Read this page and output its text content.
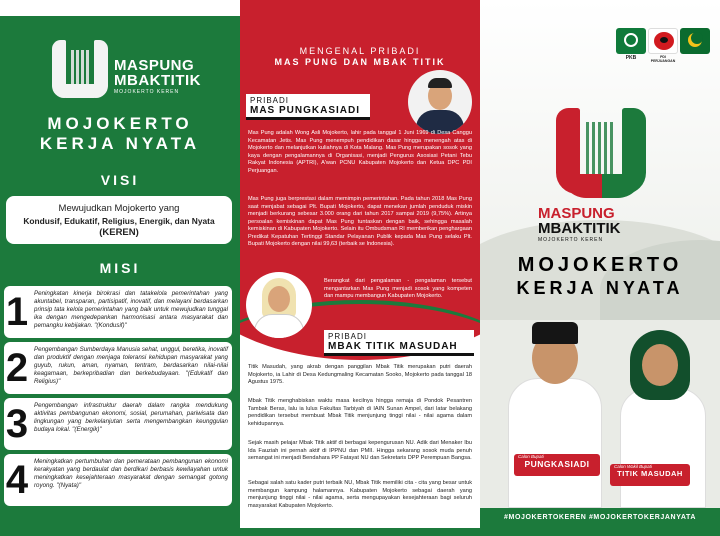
MASPUNG
MBAKTITIK
MOJOKERTO KEREN
MOJOKERTO
KERJA NYATA
VISI
Mewujudkan Mojokerto yang
Kondusif, Edukatif, Religius, Energik, dan Nyata
(KEREN)
MISI
1 Peningkatan kinerja birokrasi dan tatakelola pemerintahan yang akuntabel, transparan, partisipatif, inovatif, dan melayani berdasarkan prinsip tata kelola pemerintahan yang baik untuk mewujudkan tunggal ika dengan mengedepankan harmonisasi antara masyarakat dan pemangku kebijakan. "(Kondusif)"
2 Pengembangan Sumberdaya Manusia sehat, unggul, beretika, inovatif dan produktif dengan menjaga toleransi kehidupan masyarakat yang guyub, rukun, aman, nyaman, tentram, berdasarkan nilai-nilai keagamaan, berkepribadian dan berkebudayaan. "(Edukatif dan Religius)"
3 Pengembangan infrastruktur daerah dalam rangka mendukung aktivitas pembangunan ekonomi, sosial, perumahan, pariwisata dan lingkungan yang berkelanjutan serta mengembangkan keunggulan budaya lokal. "(Energik)"
4 Meningkatkan pertumbuhan dan pemerataan pembangunan ekonomi kerakyatan yang berdaulat dan berdikari berbasis kewilayahan untuk meningkatkan kesejahteraan masyarakat dengan semangat gotong royong. "(Nyata)"
MENGENAL PRIBADI
MAS PUNG DAN MBAK TITIK
PRIBADI
MAS PUNGKASIADI
Mas Pung adalah Wong Asli Mojokerto, lahir pada tanggal 1 Juni 1969 di Desa Canggu Kecamatan Jetis. Mas Pung menempuh pendidikan dasar hingga menengah atas di Mojokerto dan melanjutkan kuliahnya di Kota Malang. Mas Pung merupakan sosok yang kaya dengan pengalamannya di Organisasi, menjadi Pengurus Asosiasi Petani Tebu Rakyat Indonesia (APTRI), A'wan PCNU Kabupaten Mojokerto dan Ketua DPC PDI Perjuangan.
Mas Pung juga berprestasi dalam memimpin pemerintahan. Pada tahun 2018 Mas Pung saat menjabat sebagai Plt. Bupati Mojokerto, dapat menekan jumlah penduduk miskin menjadi berkurang sebesar 3.000 orang dari tahun 2017 sampai 2019 (9,75%). Artinya persoalan kemiskinan dapat Mas Pung tuntaskan dengan baik, sehingga masalah kemiskinan di Kabupaten Mojokerto. Selain itu Ombudsman RI memberikan penghargaan Predikat Kepatuhan Tertinggi Standar Pelayanan Publik kepada Mas Pung selaku Plt. Bupati Mojokerto dengan nilai 99,63 (terbaik se Indonesia).
Berangkat dari pengalaman - pengalaman tersebut mengantarkan Mas Pung menjadi sosok yang kompeten dan mampu membangun Kabupaten Mojokerto.
PRIBADI
MBAK TITIK MASUDAH
Titik Masudah, yang akrab dengan panggilan Mbak Titik merupakan putri daerah Mojokerto, ia Lahir di Desa Kedungmaling Kecamatan Sooko, Mojokerto pada tanggal 18 Agustus 1975.
Mbak Titik menghabiskan waktu masa kecilnya hingga remaja di Pondok Pesantren Tambak Beras, lalu ia lulus Fakultas Tarbiyah di IAIN Sunan Ampel, dari latar belakang pendidikan tersebut membuat Mbak Titik menjunjung tinggi nilai - nilai agama dalam kehidupannya.
Sejak masih pelajar Mbak Titik aktif di berbagai kepengurusan NU. Adik dari Menaker Ibu Ida Fauziah ini pernah aktif di IPPNU dan PMII. Hingga sekarang sosok muda penuh semangat ini menjadi Bendahara PP Fatayat NU dan Sekretaris DPP Perempuan Bangsa.
Sebagai salah satu kader putri terbaik NU, Mbak Titik memiliki cita - cita yang besar untuk membangun kampung halamannya. Kabupaten Mojokerto sebagai daerah yang menjunjung tinggi nilai - nilai agama, serta mengupayakan kesejahteraan bagi seluruh masyarakat Kabupaten Mojokerto.
PKB	PDI PERJUANGAN
MASPUNG
MBAKTITIK
MOJOKERTO KEREN
MOJOKERTO
KERJA NYATA
Calon Bupati
PUNGKASIADI	Calon Wakil Bupati
TITIK MASUDAH
#MOJOKERTOKEREN #MOJOKERTOKERJANYATA
